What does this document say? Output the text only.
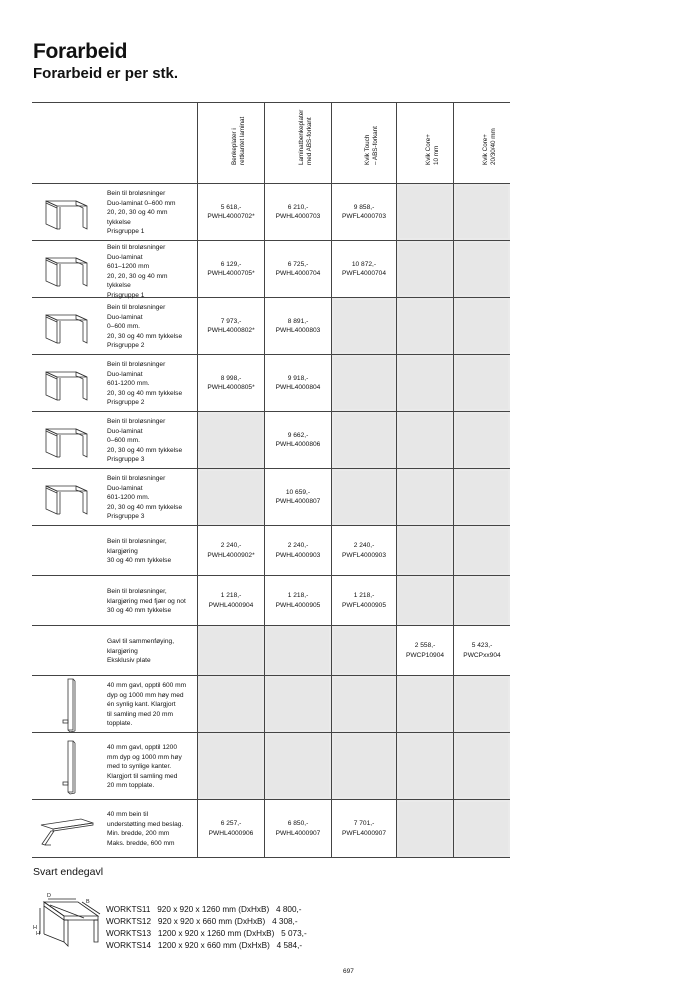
Forarbeid
Forarbeid er per stk.
Benkeplater i
rettkantet laminat	Laminatbenkeplater
med ABS-forkant
Kvik Touch
– ABS-forkant	Kvik Core+
10 mm
Kvik Core+
20/30/40 mm
Bein til broløsninger
Duo-laminat 0–600 mm
20, 20, 30 og 40 mm
tykkelse
Prisgruppe 1
5 618,-
PWHL4000702*
6 210,-
PWHL4000703
9 858,-
PWFL4000703
Bein til broløsninger
Duo-laminat
601–1200 mm
20, 20, 30 og 40 mm
tykkelse
Prisgruppe 1
6 129,-
PWHL4000705*
6 725,-
PWHL4000704
10 872,-
PWFL4000704
Bein til broløsninger
Duo-laminat
0–600 mm.
20, 30 og 40 mm tykkelse
Prisgruppe 2
7 973,-
PWHL4000802*
8 891,-
PWHL4000803
Bein til broløsninger
Duo-laminat
601-1200 mm.
20, 30 og 40 mm tykkelse
Prisgruppe 2
8 998,-
PWHL4000805*
9 918,-
PWHL4000804
Bein til broløsninger
Duo-laminat
0–600 mm.
20, 30 og 40 mm tykkelse
Prisgruppe 3
9 662,-
PWHL4000806
Bein til broløsninger
Duo-laminat
601-1200 mm.
20, 30 og 40 mm tykkelse
Prisgruppe 3
10 659,-
PWHL4000807
Bein til broløsninger,
klargjøring
30 og 40 mm tykkelse
2 240,-
PWHL4000902*
2 240,-
PWHL4000903
2 240,-
PWFL4000903
Bein til broløsninger,
klargjøring med fjær og not
30 og 40 mm tykkelse
1 218,-
PWHL4000904
1 218,-
PWHL4000905
1 218,-
PWFL4000905
Gavl til sammenføying,
klargjøring
Eksklusiv plate
2 558,-
PWCP10904
5 423,-
PWCPxx904
40 mm gavl, opptil 600 mm
dyp og 1000 mm høy med
én synlig kant. Klargjort
til samling med 20 mm
topplate.
40 mm gavl, opptil 1200
mm dyp og 1000 mm høy
med to synlige kanter.
Klargjort til samling med
20 mm topplate.
40 mm bein til
understøtting med beslag.
Min. bredde, 200 mm
Maks. bredde, 600 mm
6 257,-
PWHL4000906
6 850,-
PWHL4000907
7 701,-
PWFL4000907
Svart endegavl
D
B
H
H
WORKTS11   920 x 920 x 1260 mm (DxHxB)   4 800,-
WORKTS12   920 x 920 x 660 mm (DxHxB)   4 308,-
WORKTS13   1200 x 920 x 1260 mm (DxHxB)   5 073,-
WORKTS14   1200 x 920 x 660 mm (DxHxB)   4 584,-
697
